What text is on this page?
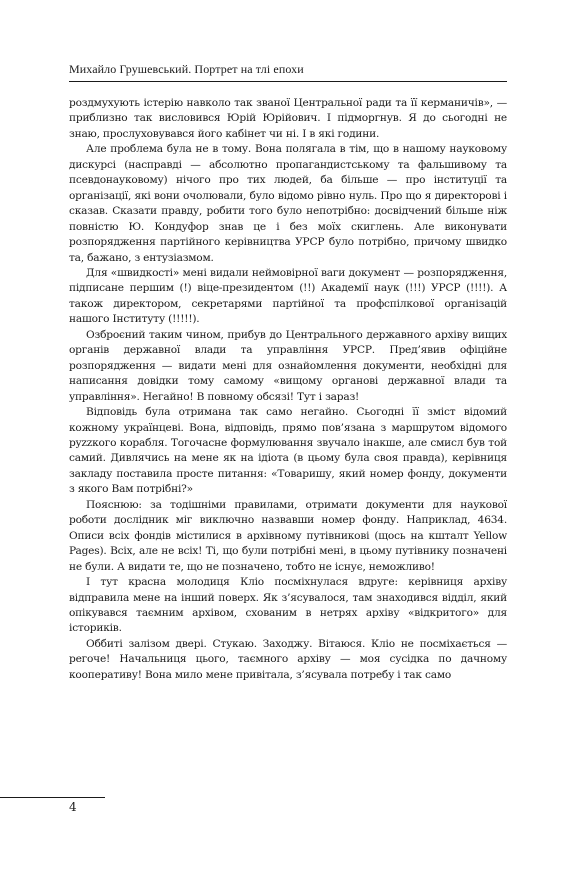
Михайло Грушевський. Портрет на тлі епохи

роздмухують істерію навколо так званої Центральної ради та її керманичів», — приблизно так висловився Юрій Юрійович. І підморгнув. Я до сьогодні не знаю, прослуховувався його кабінет чи ні. І в які години.

Але проблема була не в тому. Вона полягала в тім, що в нашому науковому дискурсі (насправді — абсолютно пропагандистському та фальшивому та псевдонауковому) нічого про тих людей, ба більше — про інституції та організації, які вони очолювали, було відомо рівно нуль. Про що я директорові і сказав. Сказати правду, робити того було непотрібно: досвідчений більше ніж повністю Ю. Кондуфор знав це і без моїх скиглень. Але виконувати розпорядження партійного керівництва УРСР було потрібно, причому швидко та, бажано, з ентузіазмом.

Для «швидкості» мені видали неймовірної ваги документ — розпорядження, підписане першим (!) віце-президентом (!!) Академії наук (!!!) УРСР (!!!!). А також директором, секретарями партійної та профспілкової організацій нашого Інституту (!!!!!).

Озброєний таким чином, прибув до Центрального державного архіву вищих органів державної влади та управління УРСР. Пред’явив офіційне розпорядження — видати мені для ознайомлення документи, необхідні для написання довідки тому самому «вищому органові державної влади та управління». Негайно! В повному обсязі! Тут і зараз!

Відповідь була отримана так само негайно. Сьогодні її зміст відомий кожному українцеві. Вона, відповідь, прямо пов’язана з маршрутом відомого рyzzкого корабля. Тогочасне формулювання звучало інакше, але смисл був той самий. Дивлячись на мене як на ідіота (в цьому була своя правда), керівниця закладу поставила просте питання: «Товаришу, який номер фонду, документи з якого Вам потрібні?»

Пояснюю: за тодішніми правилами, отримати документи для наукової роботи дослідник міг виключно назвавши номер фонду. Наприклад, 4634. Описи всіх фондів містилися в архівному путівникові (щось на кшталт Yellow Pages). Всіх, але не всіх! Ті, що були потрібні мені, в цьому путівнику позначені не були. А видати те, що не позначено, тобто не існує, неможливо!

І тут красна молодиця Кліо посміхнулася вдруге: керівниця архіву відправила мене на інший поверх. Як з’ясувалося, там знаходився відділ, який опікувався таємним архівом, схованим в нетрях архіву «відкритого» для істориків.

Оббиті залізом двері. Стукаю. Заходжу. Вітаюся. Кліо не посміхається — регоче! Начальниця цього, таємного архіву — моя сусідка по дачному кооперативу! Вона мило мене привітала, з’ясувала потребу і так само

4
